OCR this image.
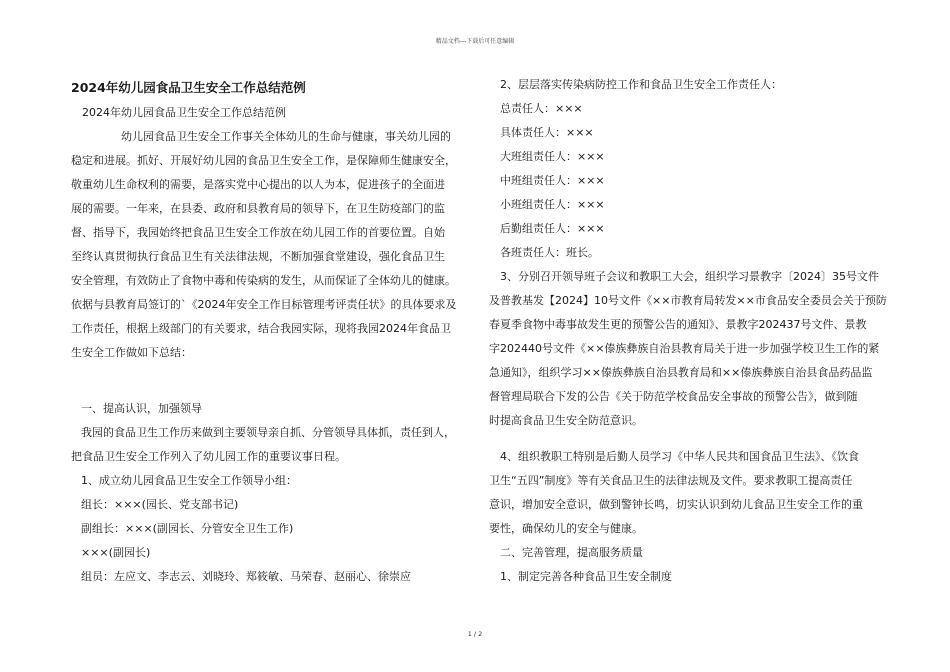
精品文档---下载后可任意编辑
2024年幼儿园食品卫生安全工作总结范例
2024年幼儿园食品卫生安全工作总结范例
幼儿园食品卫生安全工作事关全体幼儿的生命与健康，事关幼儿园的
稳定和进展。抓好、开展好幼儿园的食品卫生安全工作，是保障师生健康安全，
敬重幼儿生命权利的需要，是落实党中心提出的以人为本，促进孩子的全面进
展的需要。一年来，在县委、政府和县教育局的领导下，在卫生防疫部门的监
督、指导下，我园始终把食品卫生安全工作放在幼儿园工作的首要位置。自始
至终认真贯彻执行食品卫生有关法律法规，不断加强食堂建设，强化食品卫生
安全管理，有效防止了食物中毒和传染病的发生，从而保证了全体幼儿的健康。
依据与县教育局签订的`《2024年安全工作目标管理考评责任状》的具体要求及
工作责任，根据上级部门的有关要求，结合我园实际，现将我园2024年食品卫
生安全工作做如下总结：
一、提高认识，加强领导
我园的食品卫生工作历来做到主要领导亲自抓、分管领导具体抓，责任到人，
把食品卫生安全工作列入了幼儿园工作的重要议事日程。
1、成立幼儿园食品卫生安全工作领导小组：
组长：×××(园长、党支部书记)
副组长：×××(副园长、分管安全卫生工作)
×××(副园长)
组员：左应文、李志云、刘晓玲、郑筱敏、马荣春、赵丽心、徐崇应
2、层层落实传染病防控工作和食品卫生安全工作责任人：
总责任人：×××
具体责任人：×××
大班组责任人：×××
中班组责任人：×××
小班组责任人：×××
后勤组责任人：×××
各班责任人：班长。
3、分别召开领导班子会议和教职工大会，组织学习景教字〔2024〕35号文件
及普教基发【2024】10号文件《××市教育局转发××市食品安全委员会关于预防
春夏季食物中毒事故发生更的预警公告的通知》、景教字202437号文件、景教
字202440号文件《××傣族彝族自治县教育局关于进一步加强学校卫生工作的紧
急通知》，组织学习××傣族彝族自治县教育局和××傣族彝族自治县食品药品监
督管理局联合下发的公告《关于防范学校食品安全事故的预警公告》，做到随
时提高食品卫生安全防范意识。
4、组织教职工特别是后勤人员学习《中华人民共和国食品卫生法》、《饮食
卫生“五四”制度》等有关食品卫生的法律法规及文件。要求教职工提高责任
意识，增加安全意识，做到警钟长鸣，切实认识到幼儿食品卫生安全工作的重
要性，确保幼儿的安全与健康。
二、完善管理，提高服务质量
1、制定完善各种食品卫生安全制度
1 / 2
